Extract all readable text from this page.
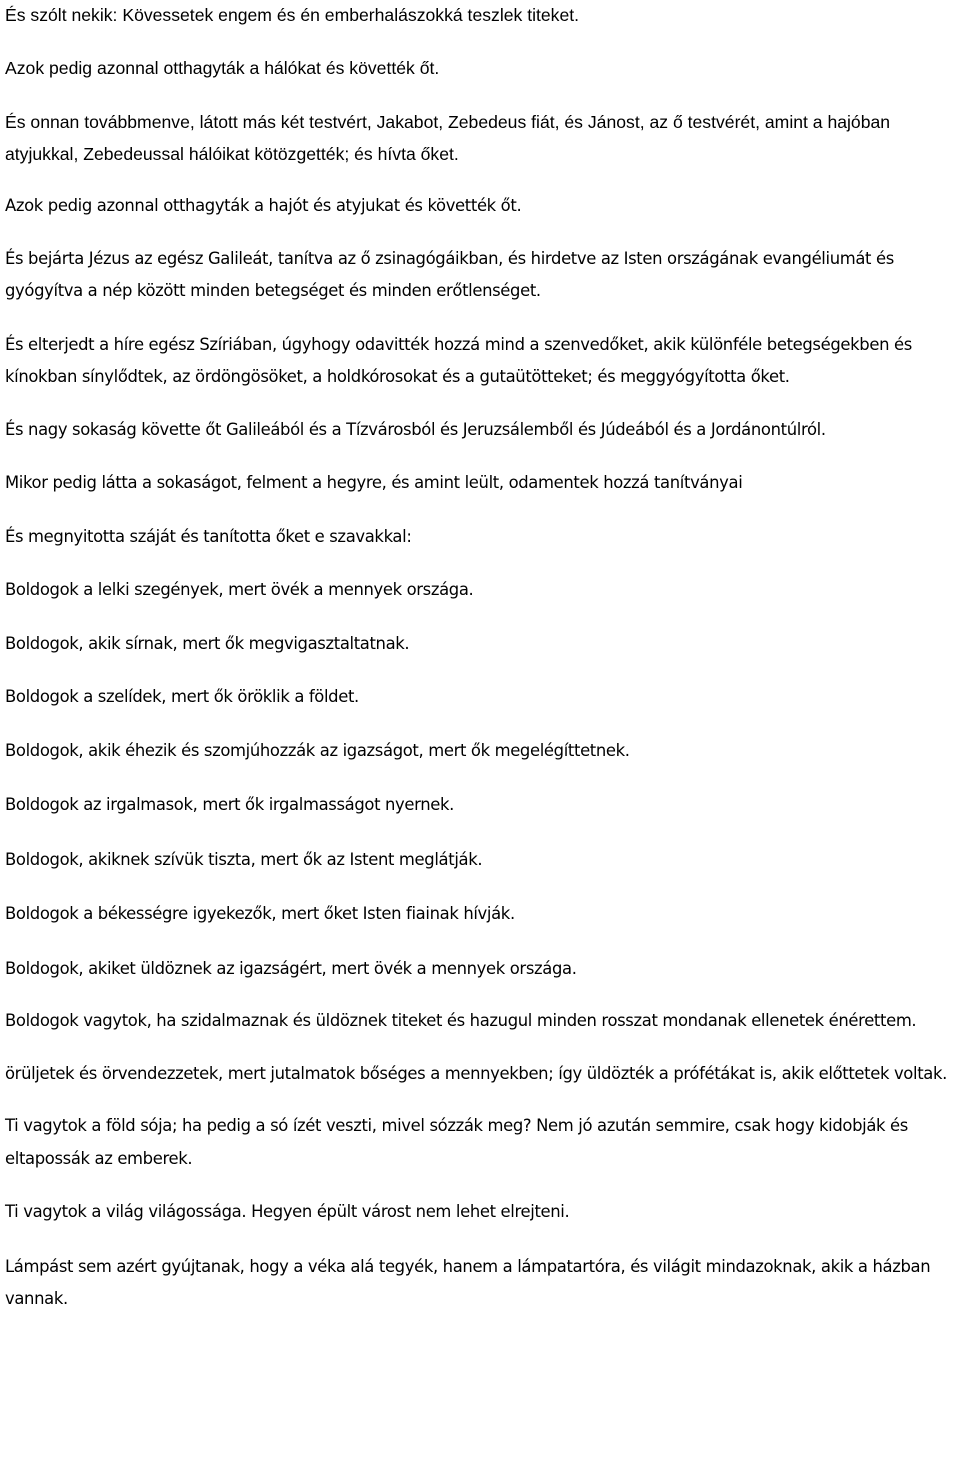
És szólt nekik: Kövessetek engem és én emberhalászokká teszlek titeket.

Azok pedig azonnal otthagyták a hálókat és követték őt.

És onnan továbbmenve, látott más két testvért, Jakabot, Zebedeus fiát, és Jánost, az ő testvérét, amint a hajóban atyjukkal, Zebedeussal hálóikat kötözgették; és hívta őket.

Azok pedig azonnal otthagyták a hajót és atyjukat és követték őt.

És bejárta Jézus az egész Galileát, tanítva az ő zsinagógáikban, és hirdetve az Isten országának evangéliumát és gyógyítva a nép között minden betegséget és minden erőtlenséget.

És elterjedt a híre egész Szíriában, úgyhogy odavitték hozzá mind a szenvedőket, akik különféle betegségekben és kínokban sínylődtek, az ördöngösöket, a holdkórosokat és a gutaütötteket; és meggyógyította őket.

És nagy sokaság követte őt Galileából és a Tízvárosból és Jeruzsálemből és Júdeából és a Jordánontúlról.

Mikor pedig látta a sokaságot, felment a hegyre, és amint leült, odamentek hozzá tanítványai

És megnyitotta száját és tanította őket e szavakkal:

Boldogok a lelki szegények, mert övék a mennyek országa.

Boldogok, akik sírnak, mert ők megvigasztaltatnak.

Boldogok a szelídek, mert ők öröklik a földet.

Boldogok, akik éhezik és szomjúhozzák az igazságot, mert ők megelégíttetnek.

Boldogok az irgalmasok, mert ők irgalmasságot nyernek.

Boldogok, akiknek szívük tiszta, mert ők az Istent meglátják.

Boldogok a békességre igyekezők, mert őket Isten fiainak hívják.

Boldogok, akiket üldöznek az igazságért, mert övék a mennyek országa.

Boldogok vagytok, ha szidalmaznak és üldöznek titeket és hazugul minden rosszat mondanak ellenetek énérettem.

örüljetek és örvendezzetek, mert jutalmatok bőséges a mennyekben; így üldözték a prófétákat is, akik előttetek voltak.

Ti vagytok a föld sója; ha pedig a só ízét veszti, mivel sózzák meg? Nem jó azután semmire, csak hogy kidobják és eltapossák az emberek.

Ti vagytok a világ világossága. Hegyen épült várost nem lehet elrejteni.

Lámpást sem azért gyújtanak, hogy a véka alá tegyék, hanem a lámpatartóra, és világit mindazoknak, akik a házban vannak.
